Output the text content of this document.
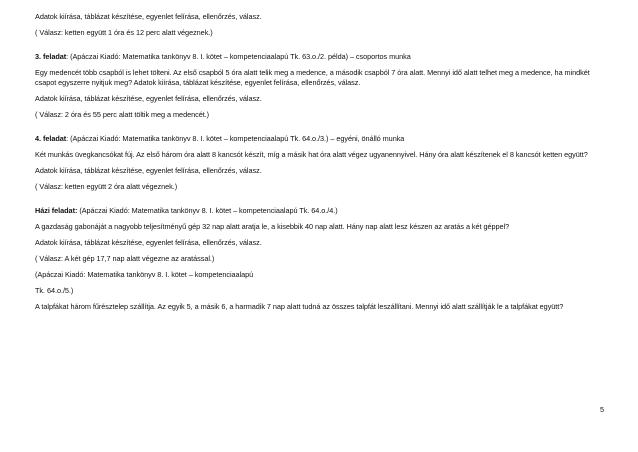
Adatok kiírása, táblázat készítése, egyenlet felírása, ellenőrzés, válasz.

( Válasz: ketten együtt 1 óra és 12 perc alatt végeznek.)

3. feladat: (Apáczai Kiadó: Matematika tankönyv 8. I. kötet – kompetenciaalapú Tk. 63.o./2. példa) – csoportos munka

Egy medencét több csapból is lehet tölteni. Az első csapból 5 óra alatt telik meg a medence, a második csapból 7 óra alatt. Mennyi idő alatt telhet meg a medence, ha mindkét csapot egyszerre nyitjuk meg? Adatok kiírása, táblázat készítése, egyenlet felírása, ellenőrzés, válasz.

Adatok kiírása, táblázat készítése, egyenlet felírása, ellenőrzés, válasz.

( Válasz: 2 óra és 55 perc alatt töltik meg a medencét.)

4. feladat: (Apáczai Kiadó: Matematika tankönyv 8. I. kötet – kompetenciaalapú Tk. 64.o./3.) – egyéni, önálló munka

Két munkás üvegkancsókat fúj. Az első három óra alatt 8 kancsót készít, míg a másik hat óra alatt végez ugyanennyivel. Hány óra alatt készítenek el 8 kancsót ketten együtt?

Adatok kiírása, táblázat készítése, egyenlet felírása, ellenőrzés, válasz.

( Válasz: ketten együtt 2 óra alatt végeznek.)

Házi feladat: (Apáczai Kiadó: Matematika tankönyv 8. I. kötet – kompetenciaalapú Tk. 64.o./4.)

A gazdaság gabonáját a nagyobb teljesítményű gép 32 nap alatt aratja le, a kisebbik 40 nap alatt. Hány nap alatt lesz készen az aratás a két géppel?

Adatok kiírása, táblázat készítése, egyenlet felírása, ellenőrzés, válasz.

( Válasz: A két gép 17,7 nap alatt végezne az aratással.)

(Apáczai Kiadó: Matematika tankönyv 8. I. kötet – kompetenciaalapú

Tk. 64.o./5.)

A talpfákat három fűrésztelep szállítja. Az egyik 5, a másik 6, a harmadik 7 nap alatt tudná az összes talpfát leszállítani. Mennyi idő alatt szállítják le a talpfákat együtt?

5
